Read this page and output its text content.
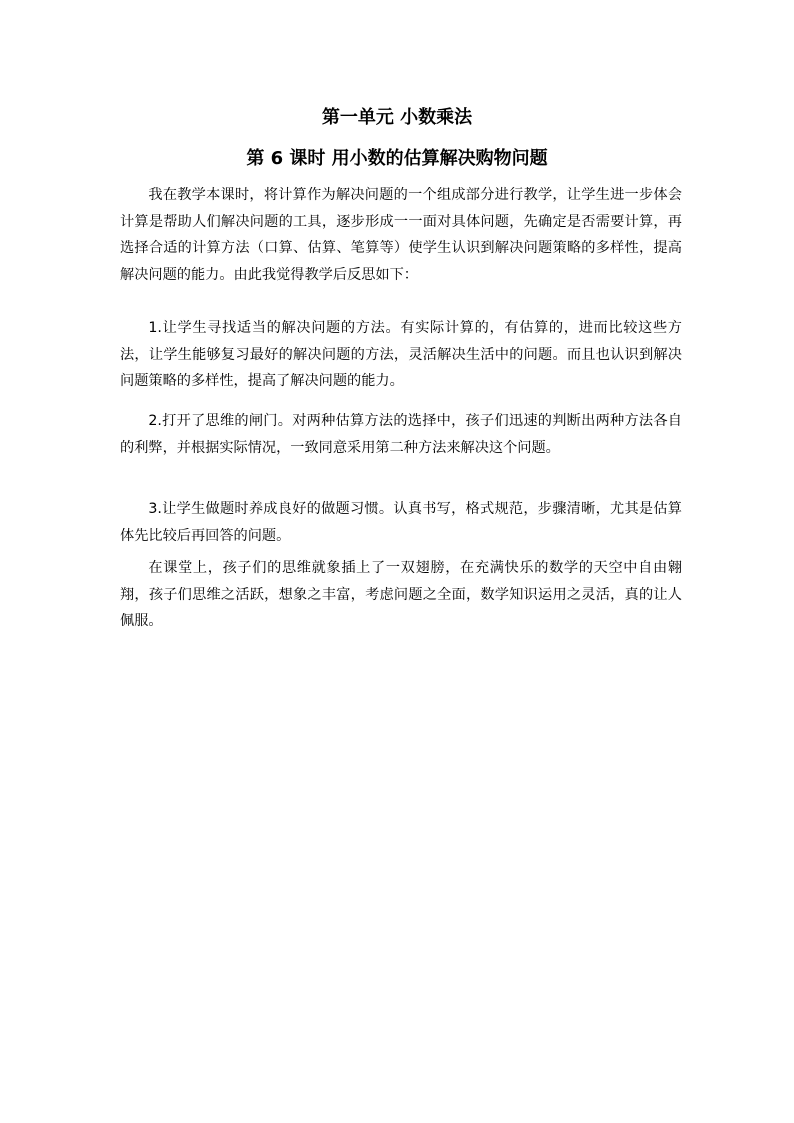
第一单元 小数乘法
第 6 课时 用小数的估算解决购物问题

我在教学本课时，将计算作为解决问题的一个组成部分进行教学，让学生进一步体会计算是帮助人们解决问题的工具，逐步形成一一面对具体问题，先确定是否需要计算，再选择合适的计算方法（口算、估算、笔算等）使学生认识到解决问题策略的多样性，提高解决问题的能力。由此我觉得教学后反思如下：

1.让学生寻找适当的解决问题的方法。有实际计算的，有估算的，进而比较这些方法，让学生能够复习最好的解决问题的方法，灵活解决生活中的问题。而且也认识到解决问题策略的多样性，提高了解决问题的能力。

2.打开了思维的闸门。对两种估算方法的选择中，孩子们迅速的判断出两种方法各自的利弊，并根据实际情况，一致同意采用第二种方法来解决这个问题。

3.让学生做题时养成良好的做题习惯。认真书写，格式规范，步骤清晰，尤其是估算体先比较后再回答的问题。

在课堂上，孩子们的思维就象插上了一双翅膀，在充满快乐的数学的天空中自由翱翔，孩子们思维之活跃，想象之丰富，考虑问题之全面，数学知识运用之灵活，真的让人佩服。
